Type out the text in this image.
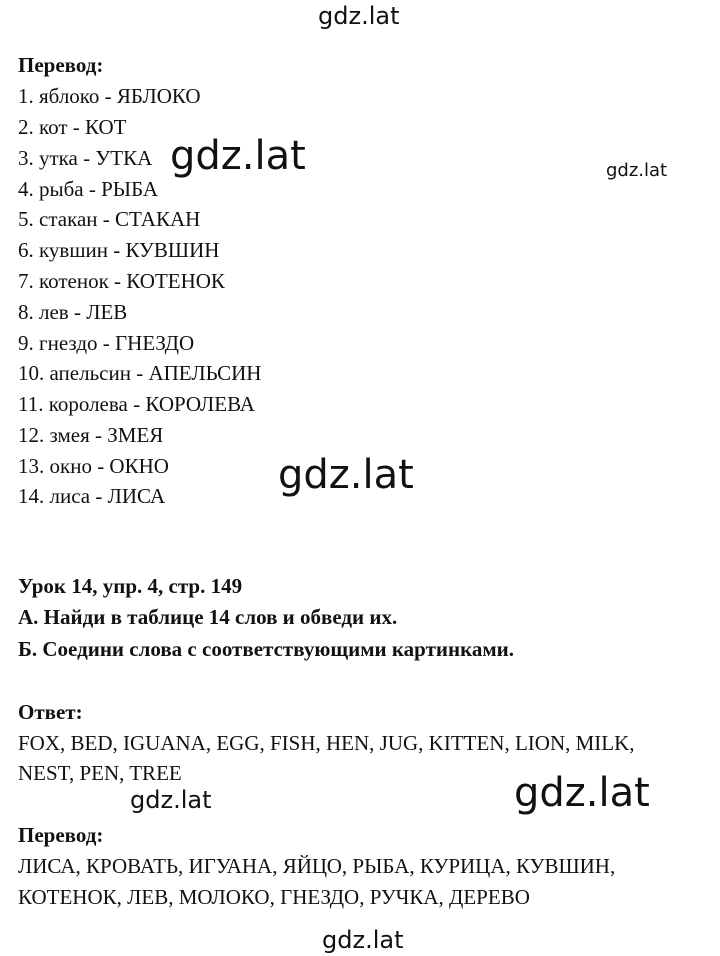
gdz.lat
gdz.lat
gdz.lat
gdz.lat
gdz.lat	gdz.lat
gdz.lat
Перевод:
1. яблоко - ЯБЛОКО
2. кот - КОТ
3. утка - УТКА
4. рыба - РЫБА
5. стакан - СТАКАН
6. кувшин - КУВШИН
7. котенок - КОТЕНОК
8. лев - ЛЕВ
9. гнездо - ГНЕЗДО
10. апельсин - АПЕЛЬСИН
11. королева - КОРОЛЕВА
12. змея - ЗМЕЯ
13. окно - ОКНО
14. лиса - ЛИСА
Урок 14, упр. 4, стр. 149
А. Найди в таблице 14 слов и обведи их.
Б. Соедини слова с соответствующими картинками.
Ответ:
FOX, BED, IGUANA, EGG, FISH, HEN, JUG, KITTEN, LION, MILK,
NEST, PEN, TREE
Перевод:
ЛИСА, КРОВАТЬ, ИГУАНА, ЯЙЦО, РЫБА, КУРИЦА, КУВШИН,
КОТЕНОК, ЛЕВ, МОЛОКО, ГНЕЗДО, РУЧКА, ДЕРЕВО
